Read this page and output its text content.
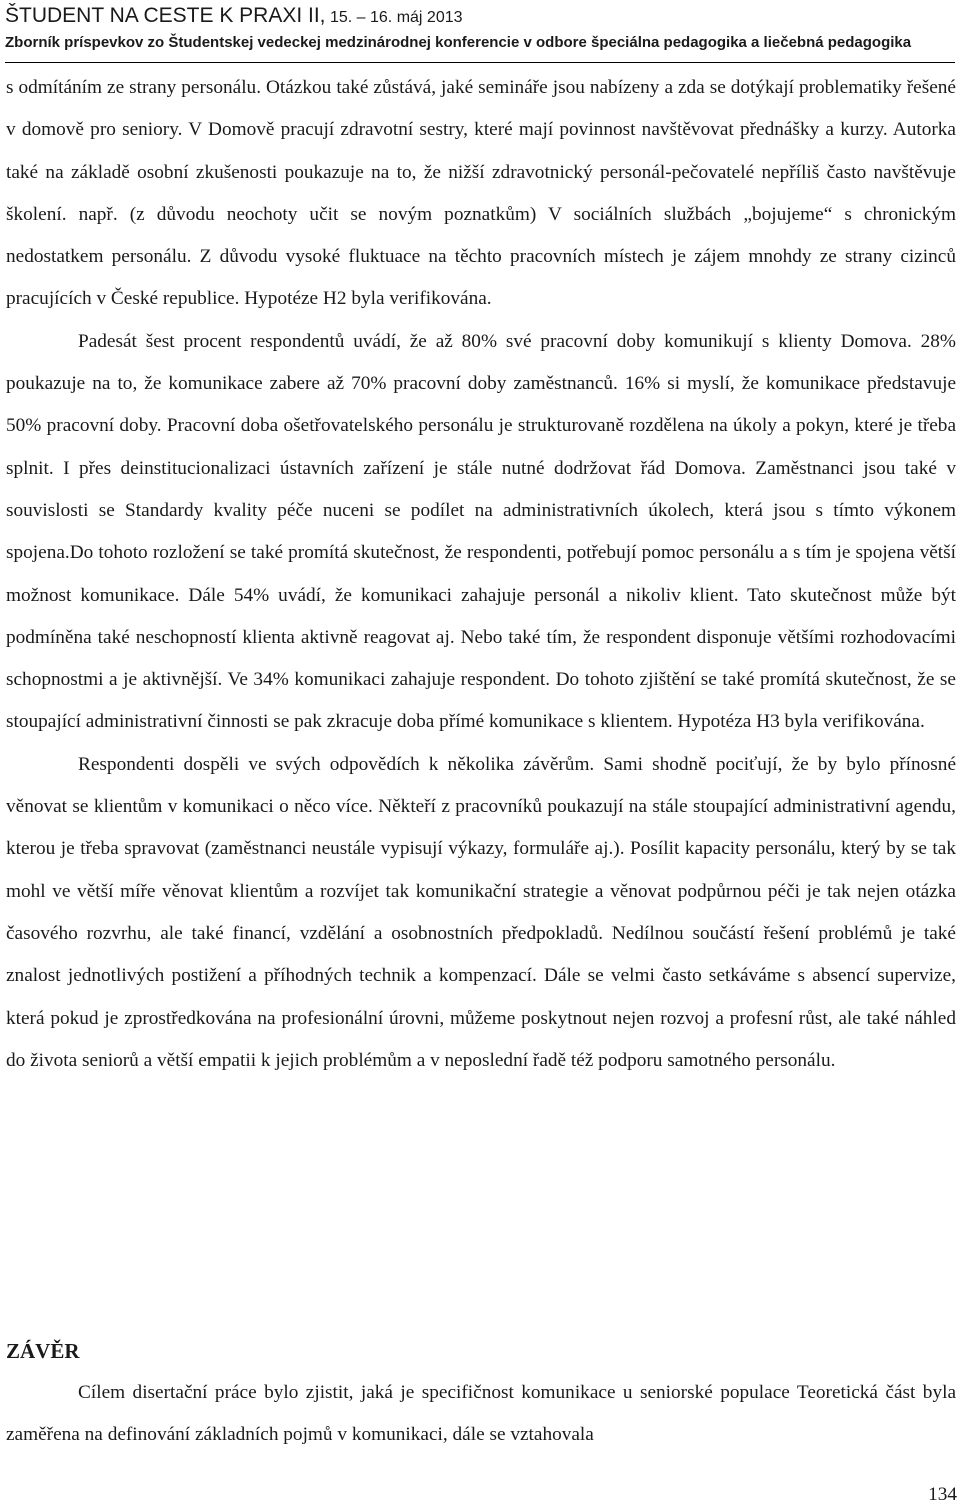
ŠTUDENT NA CESTE K PRAXI II, 15. – 16. máj 2013
Zborník príspevkov zo Študentskej vedeckej medzinárodnej konferencie v odbore špeciálna pedagogika a liečebná pedagogika

s odmítáním ze strany personálu. Otázkou také zůstává, jaké semináře jsou nabízeny a zda se dotýkají problematiky řešené v domově pro seniory. V Domově pracují zdravotní sestry, které mají povinnost navštěvovat přednášky a kurzy. Autorka také na základě osobní zkušenosti poukazuje na to, že nižší zdravotnický personál-pečovatelé nepříliš často navštěvuje školení. např. (z důvodu neochoty učit se novým poznatkům) V sociálních službách „bojujeme“ s chronickým nedostatkem personálu. Z důvodu vysoké fluktuace na těchto pracovních místech je zájem mnohdy ze strany cizinců pracujících v České republice. Hypotéze H2 byla verifikována.

Padesát šest procent respondentů uvádí, že až 80% své pracovní doby komunikují s klienty Domova. 28% poukazuje na to, že komunikace zabere až 70% pracovní doby zaměstnanců. 16% si myslí, že komunikace představuje 50% pracovní doby. Pracovní doba ošetřovatelského personálu je strukturovaně rozdělena na úkoly a pokyn, které je třeba splnit. I přes deinstitucionalizaci ústavních zařízení je stále nutné dodržovat řád Domova. Zaměstnanci jsou také v souvislosti se Standardy kvality péče nuceni se podílet na administrativních úkolech, která jsou s tímto výkonem spojena.Do tohoto rozložení se také promítá skutečnost, že respondenti, potřebují pomoc personálu a s tím je spojena větší možnost komunikace. Dále 54% uvádí, že komunikaci zahajuje personál a nikoliv klient. Tato skutečnost může být podmíněna také neschopností klienta aktivně reagovat aj. Nebo také tím, že respondent disponuje většími rozhodovacími schopnostmi a je aktivnější. Ve 34% komunikaci zahajuje respondent. Do tohoto zjištění se také promítá skutečnost, že se stoupající administrativní činnosti se pak zkracuje doba přímé komunikace s klientem. Hypotéza H3 byla verifikována.

Respondenti dospěli ve svých odpovědích k několika závěrům. Sami shodně pociťují, že by bylo přínosné věnovat se klientům v komunikaci o něco více. Někteří z pracovníků poukazují na stále stoupající administrativní agendu, kterou je třeba spravovat (zaměstnanci neustále vypisují výkazy, formuláře aj.). Posílit kapacity personálu, který by se tak mohl ve větší míře věnovat klientům a rozvíjet tak komunikační strategie a věnovat podpůrnou péči je tak nejen otázka časového rozvrhu, ale také financí, vzdělání a osobnostních předpokladů. Nedílnou součástí řešení problémů je také znalost jednotlivých postižení a příhodných technik a kompenzací. Dále se velmi často setkáváme s absencí supervize, která pokud je zprostředkována na profesionální úrovni, můžeme poskytnout nejen rozvoj a profesní růst, ale také náhled do života seniorů a větší empatii k jejich problémům a v neposlední řadě též podporu samotného personálu.

ZÁVĚR

Cílem disertační práce bylo zjistit, jaká je specifičnost komunikace u seniorské populace Teoretická část byla zaměřena na definování základních pojmů v komunikaci, dále se vztahovala

134
